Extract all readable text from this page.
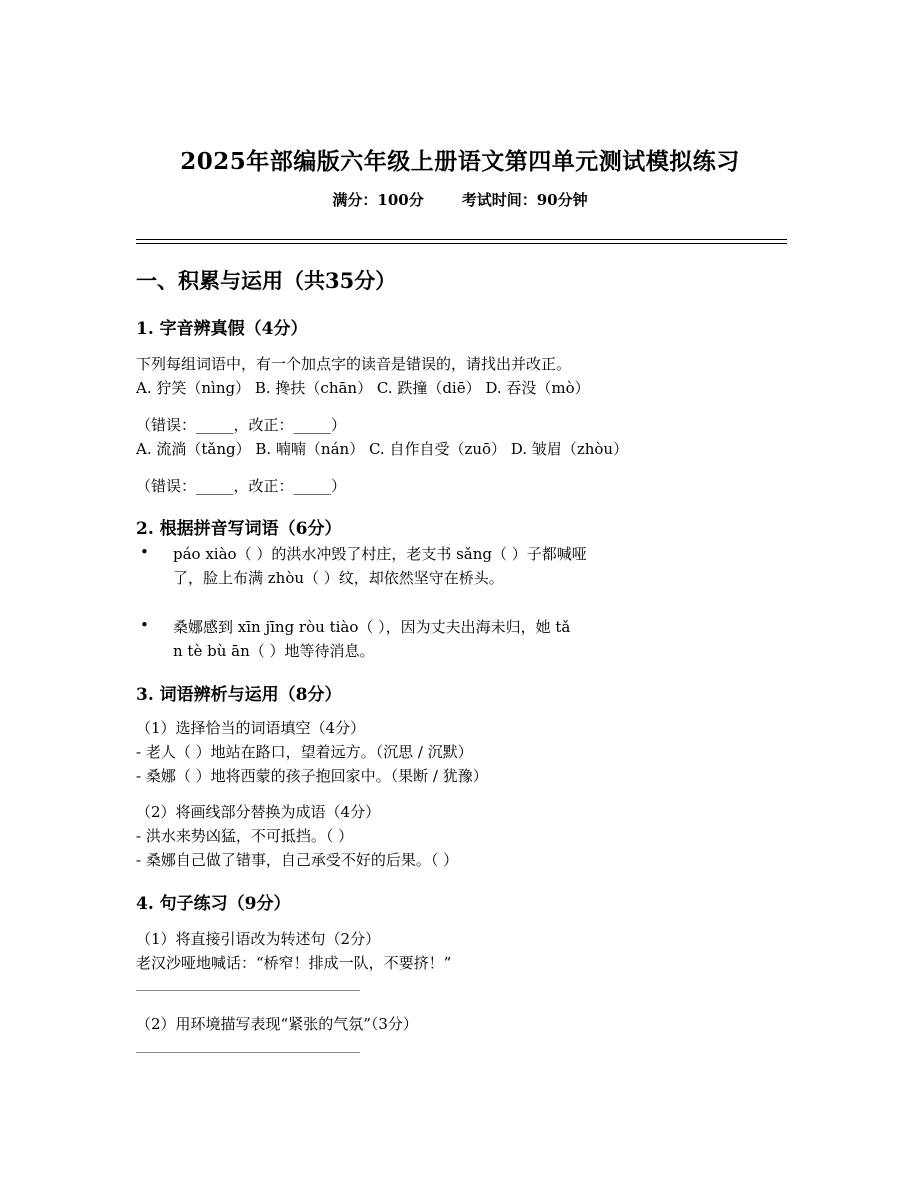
2025年部编版六年级上册语文第四单元测试模拟练习
满分：100分	考试时间：90分钟
一、积累与运用（共35分）
1. 字音辨真假（4分）
下列每组词语中，有一个加点字的读音是错误的，请找出并改正。
A. 狞笑（nìng） B. 搀扶（chān） C. 跌撞（diē） D. 吞没（mò）
（错误：_____，改正：_____）
A. 流淌（tǎng） B. 喃喃（nán） C. 自作自受（zuō） D. 皱眉（zhòu）
（错误：_____，改正：_____）
2. 根据拼音写词语（6分）
• páo xiào（ ）的洪水冲毁了村庄，老支书 sǎng（ ）子都喊哑
了，脸上布满 zhòu（ ）纹，却依然坚守在桥头。
• 桑娜感到 xīn jīng ròu tiào（ ），因为丈夫出海未归，她 tǎ
n tè bù ān（ ）地等待消息。
3. 词语辨析与运用（8分）
（1）选择恰当的词语填空（4分）
- 老人（ ）地站在路口，望着远方。（沉思 / 沉默）
- 桑娜（ ）地将西蒙的孩子抱回家中。（果断 / 犹豫）
（2）将画线部分替换为成语（4分）
- 洪水来势凶猛，不可抵挡。（ ）
- 桑娜自己做了错事，自己承受不好的后果。（ ）
4. 句子练习（9分）
（1）将直接引语改为转述句（2分）
老汉沙哑地喊话：“桥窄！排成一队，不要挤！”
（2）用环境描写表现“紧张的气氛”（3分）
